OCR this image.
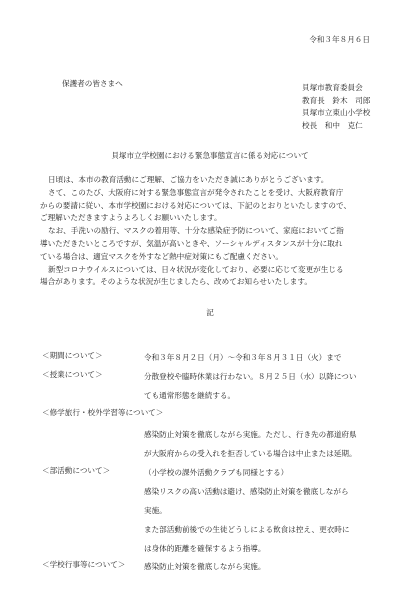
令和３年８月６日
保護者の皆さまへ	貝塚市教育委員会
教育長　鈴木　司郎
貝塚市立東山小学校
校長　和中　克仁
貝塚市立学校園における緊急事態宣言に係る対応について

日頃は、本市の教育活動にご理解、ご協力をいただき誠にありがとうございます。

さて、このたび、大阪府に対する緊急事態宣言が発令されたことを受け、大阪府教育庁

からの要請に従い、本市学校園における対応については、下記のとおりといたしますので、

ご理解いただきますようよろしくお願いいたします。

なお、手洗いの励行、マスクの着用等、十分な感染症予防について、家庭においてご指

導いただきたいところですが、気温が高いときや、ソーシャルディスタンスが十分に取れ

ている場合は、適宜マスクを外すなど熱中症対策にもご配慮ください。

新型コロナウイルスについては、日々状況が変化しており、必要に応じて変更が生じる

場合があります。そのような状況が生じましたら、改めてお知らせいたします。

記
＜期間について＞	令和３年８月２日（月）～令和３年８月３１日（火）まで
＜授業について＞	分散登校や臨時休業は行わない。８月２５日（水）以降につい
ても通常形態を継続する。
＜修学旅行・校外学習等について＞
感染防止対策を徹底しながら実施。ただし、行き先の都道府県
が大阪府からの受入れを拒否している場合は中止または延期。
＜部活動について＞	（小学校の課外活動クラブも同様とする）
感染リスクの高い活動は避け、感染防止対策を徹底しながら
実施。
また部活動前後での生徒どうしによる飲食は控え、更衣時に
は身体的距離を確保するよう指導。
＜学校行事等について＞ 感染防止対策を徹底しながら実施。
